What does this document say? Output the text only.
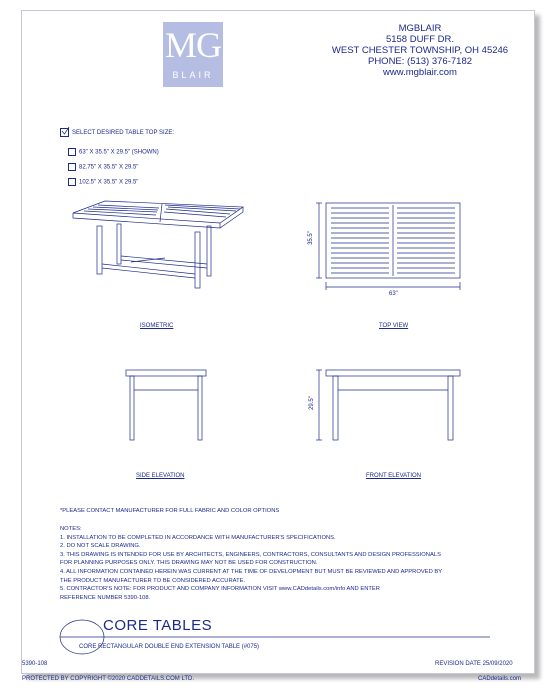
MG
BLAIR
MGBLAIR
5158 DUFF DR.
WEST CHESTER TOWNSHIP, OH 45246
PHONE: (513) 376-7182
www.mgblair.com
SELECT DESIRED TABLE TOP SIZE:
63" X 35.5" X 29.5" (SHOWN)
82.75" X 35.5" X 29.5"
102.5" X 35.5" X 29.5"
35.5"
63"
29.5"
ISOMETRIC	TOP VIEW
SIDE ELEVATION	FRONT ELEVATION
*PLEASE CONTACT MANUFACTURER FOR FULL FABRIC AND COLOR OPTIONS
NOTES:
1. INSTALLATION TO BE COMPLETED IN ACCORDANCE WITH MANUFACTURER'S SPECIFICATIONS.
2. DO NOT SCALE DRAWING.
3. THIS DRAWING IS INTENDED FOR USE BY ARCHITECTS, ENGINEERS, CONTRACTORS, CONSULTANTS AND DESIGN PROFESSIONALS
FOR PLANNING PURPOSES ONLY. THIS DRAWING MAY NOT BE USED FOR CONSTRUCTION.
4. ALL INFORMATION CONTAINED HEREIN WAS CURRENT AT THE TIME OF DEVELOPMENT BUT MUST BE REVIEWED AND APPROVED BY
THE PRODUCT MANUFACTURER TO BE CONSIDERED ACCURATE.
5. CONTRACTOR'S NOTE: FOR PRODUCT AND COMPANY INFORMATION VISIT www.CADdetails.com/info AND ENTER
REFERENCE NUMBER 5390-108.
CORE TABLES
CORE RECTANGULAR DOUBLE END EXTENSION TABLE (#075)
5390-108	REVISION DATE 25/09/2020
PROTECTED BY COPYRIGHT ©2020 CADDETAILS.COM LTD.	CADdetails.com
